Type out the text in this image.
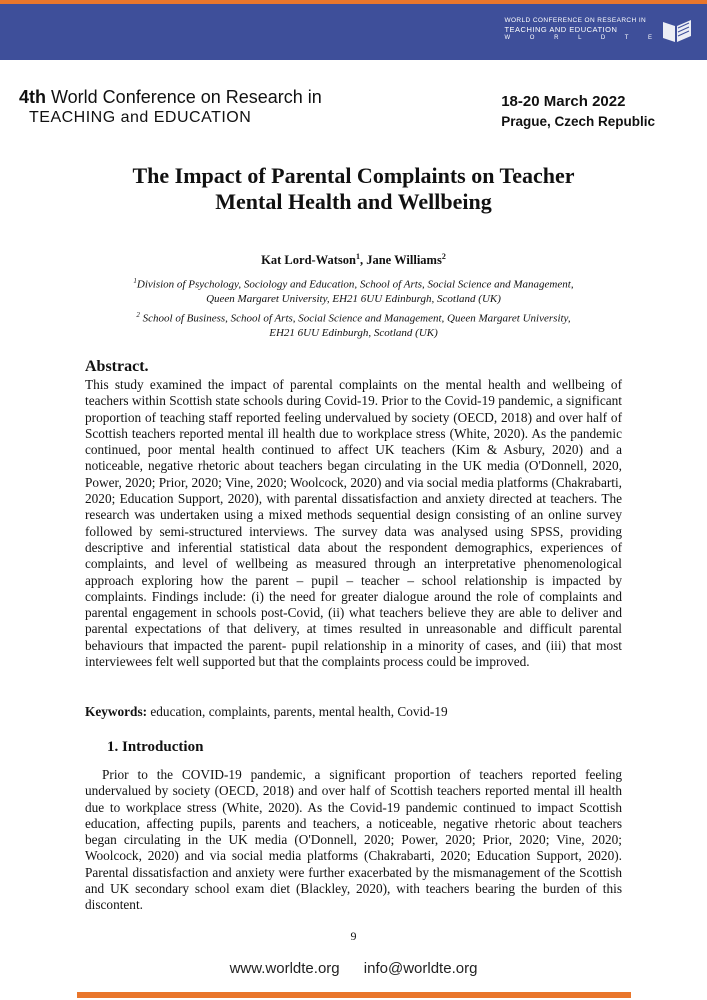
WORLD CONFERENCE ON RESEARCH IN
TEACHING AND EDUCATION
W O R L D T E
4th World Conference on Research in
TEACHING and EDUCATION
18-20 March 2022
Prague, Czech Republic
The Impact of Parental Complaints on Teacher
Mental Health and Wellbeing
Kat Lord-Watson$^1$, Jane Williams$^2$
$^1$Division of Psychology, Sociology and Education, School of Arts, Social Science and Management,
Queen Margaret University, EH21 6UU Edinburgh, Scotland (UK)
$^2$ School of Business, School of Arts, Social Science and Management, Queen Margaret University,
EH21 6UU Edinburgh, Scotland (UK)
Abstract.

This study examined the impact of parental complaints on the mental health and wellbeing of teachers within Scottish state schools during Covid-19. Prior to the Covid-19 pandemic, a significant proportion of teaching staff reported feeling undervalued by society (OECD, 2018) and over half of Scottish teachers reported mental ill health due to workplace stress (White, 2020). As the pandemic continued, poor mental health continued to affect UK teachers (Kim & Asbury, 2020) and a noticeable, negative rhetoric about teachers began circulating in the UK media (O'Donnell, 2020, Power, 2020; Prior, 2020; Vine, 2020; Woolcock, 2020) and via social media platforms (Chakrabarti, 2020; Education Support, 2020), with parental dissatisfaction and anxiety directed at teachers. The research was undertaken using a mixed methods sequential design consisting of an online survey followed by semi-structured interviews. The survey data was analysed using SPSS, providing descriptive and inferential statistical data about the respondent demographics, experiences of complaints, and level of wellbeing as measured through an interpretative phenomenological approach exploring how the parent – pupil – teacher – school relationship is impacted by complaints. Findings include: (i) the need for greater dialogue around the role of complaints and parental engagement in schools post-Covid, (ii) what teachers believe they are able to deliver and parental expectations of that delivery, at times resulted in unreasonable and difficult parental behaviours that impacted the parent- pupil relationship in a minority of cases, and (iii) that most interviewees felt well supported but that the complaints process could be improved.

Keywords: education, complaints, parents, mental health, Covid-19
1. Introduction

Prior to the COVID-19 pandemic, a significant proportion of teachers reported feeling undervalued by society (OECD, 2018) and over half of Scottish teachers reported mental ill health due to workplace stress (White, 2020). As the Covid-19 pandemic continued to impact Scottish education, affecting pupils, parents and teachers, a noticeable, negative rhetoric about teachers began circulating in the UK media (O'Donnell, 2020; Power, 2020; Prior, 2020; Vine, 2020; Woolcock, 2020) and via social media platforms (Chakrabarti, 2020; Education Support, 2020). Parental dissatisfaction and anxiety were further exacerbated by the mismanagement of the Scottish and UK secondary school exam diet (Blackley, 2020), with teachers bearing the burden of this discontent.

9
www.worldte.org info@worldte.org
